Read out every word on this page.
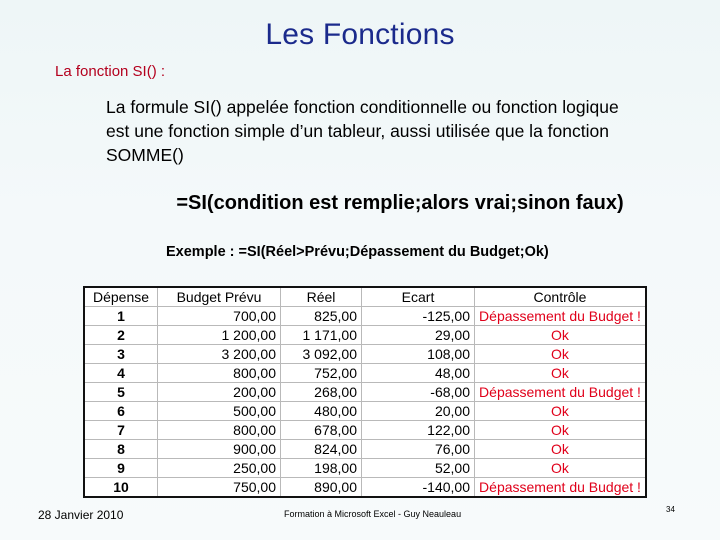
Les Fonctions
La fonction SI() :
La formule SI() appelée fonction conditionnelle ou fonction logique
est une fonction simple d’un tableur, aussi utilisée que la fonction
SOMME()
=SI(condition est remplie;alors vrai;sinon faux)
Exemple : =SI(Réel>Prévu;Dépassement du Budget;Ok)
Dépense	Budget Prévu	Réel	Ecart	Contrôle
1	700,00	825,00	-125,00	Dépassement du Budget !
2	1 200,00	1 171,00	29,00	Ok
3	3 200,00	3 092,00	108,00	Ok
4	800,00	752,00	48,00	Ok
5	200,00	268,00	-68,00	Dépassement du Budget !
6	500,00	480,00	20,00	Ok
7	800,00	678,00	122,00	Ok
8	900,00	824,00	76,00	Ok
9	250,00	198,00	52,00	Ok
10	750,00	890,00	-140,00	Dépassement du Budget !
28 Janvier 2010	Formation à Microsoft Excel - Guy Neauleau	34
